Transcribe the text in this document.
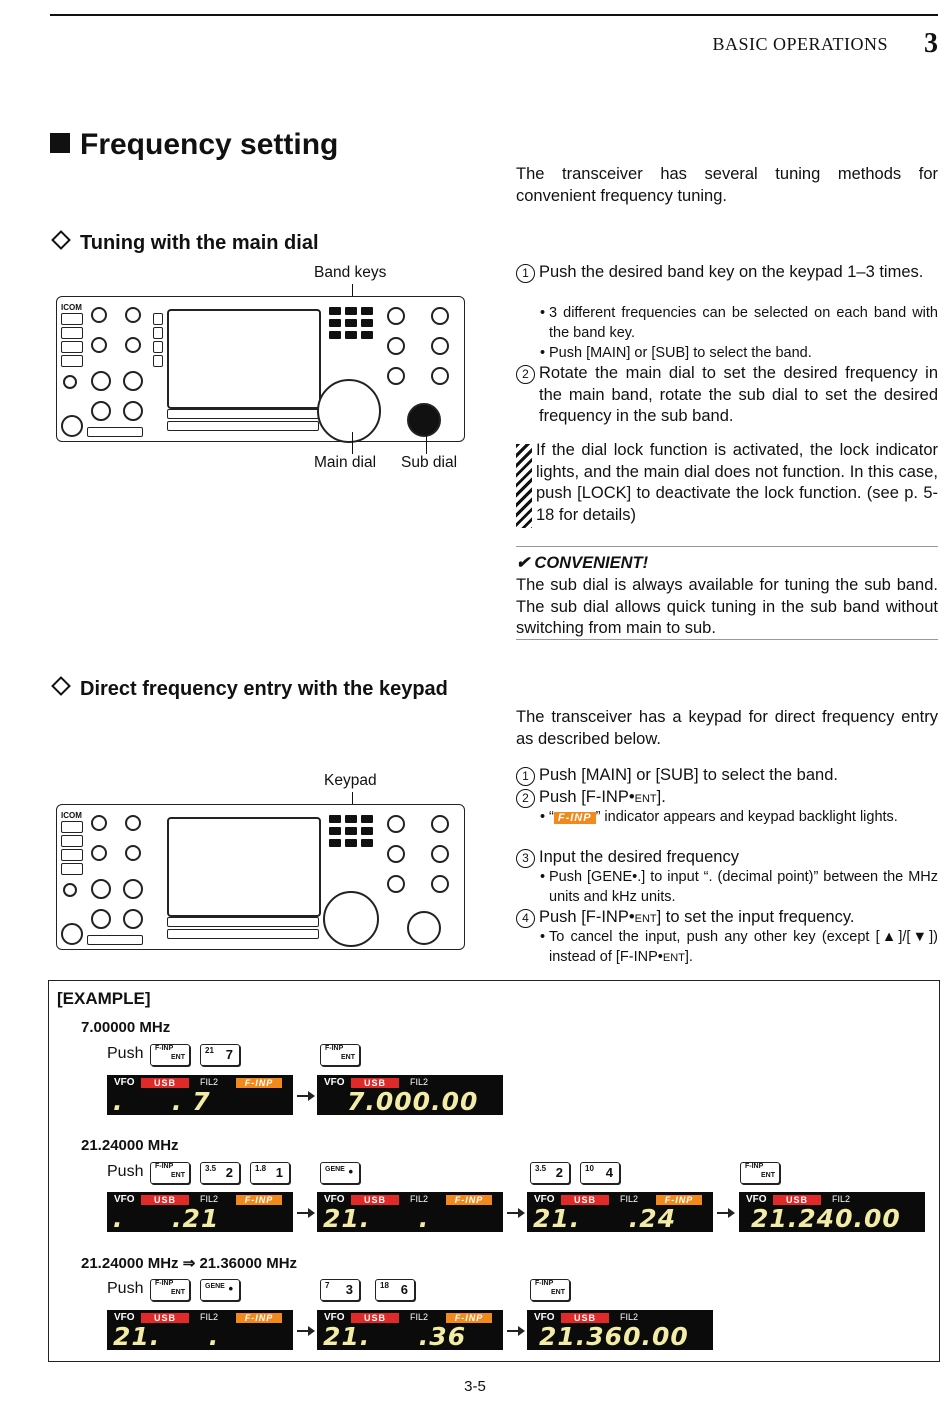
BASIC OPERATIONS 3
Frequency setting
The transceiver has several tuning methods for convenient frequency tuning.
Tuning with the main dial
Band keys
ICOM
Main dial Sub dial
1 Push the desired band key on the keypad 1–3 times.
• 3 different frequencies can be selected on each band with the band key.
• Push [MAIN] or [SUB] to select the band.
2 Rotate the main dial to set the desired frequency in the main band, rotate the sub dial to set the desired frequency in the sub band.
If the dial lock function is activated, the lock indicator lights, and the main dial does not function. In this case, push [LOCK] to deactivate the lock function. (see p. 5-18 for details)
✔ CONVENIENT!
The sub dial is always available for tuning the sub band. The sub dial allows quick tuning in the sub band without switching from main to sub.
Direct frequency entry with the keypad
The transceiver has a keypad for direct frequency entry as described below.
Keypad
ICOM
1 Push [MAIN] or [SUB] to select the band.
2 Push [F-INP•ENT].
• “ F-INP ” indicator appears and keypad backlight lights.
3 Input the desired frequency
• Push [GENE•.] to input “. (decimal point)” between the MHz units and kHz units.
4 Push [F-INP•ENT] to set the input frequency.
• To cancel the input, push any other key (except [▲]/[▼]) instead of [F-INP•ENT].
[EXAMPLE]
7.00000 MHz
Push F-INP
ENT
21 7	F-INP
ENT
VFO	USB	FIL2	F-INP
.     . 7
VFO	USB	FIL2
7.000.00
21.24000 MHz
Push F-INP
ENT
3.5 2	1.8 1	GENE •	3.5 2	10 4	F-INP
ENT
VFO	USB	FIL2	F-INP
.     .21
VFO	USB	FIL2	F-INP
21.     .
VFO	USB	FIL2	F-INP
21.     .24
VFO	USB	FIL2
21.240.00
21.24000 MHz ⇒ 21.36000 MHz
Push F-INP
ENT
GENE •	7 3	18 6	F-INP
ENT
VFO	USB	FIL2	F-INP
21.     .
VFO	USB	FIL2	F-INP
21.     .36
VFO	USB	FIL2
21.360.00
3-5
